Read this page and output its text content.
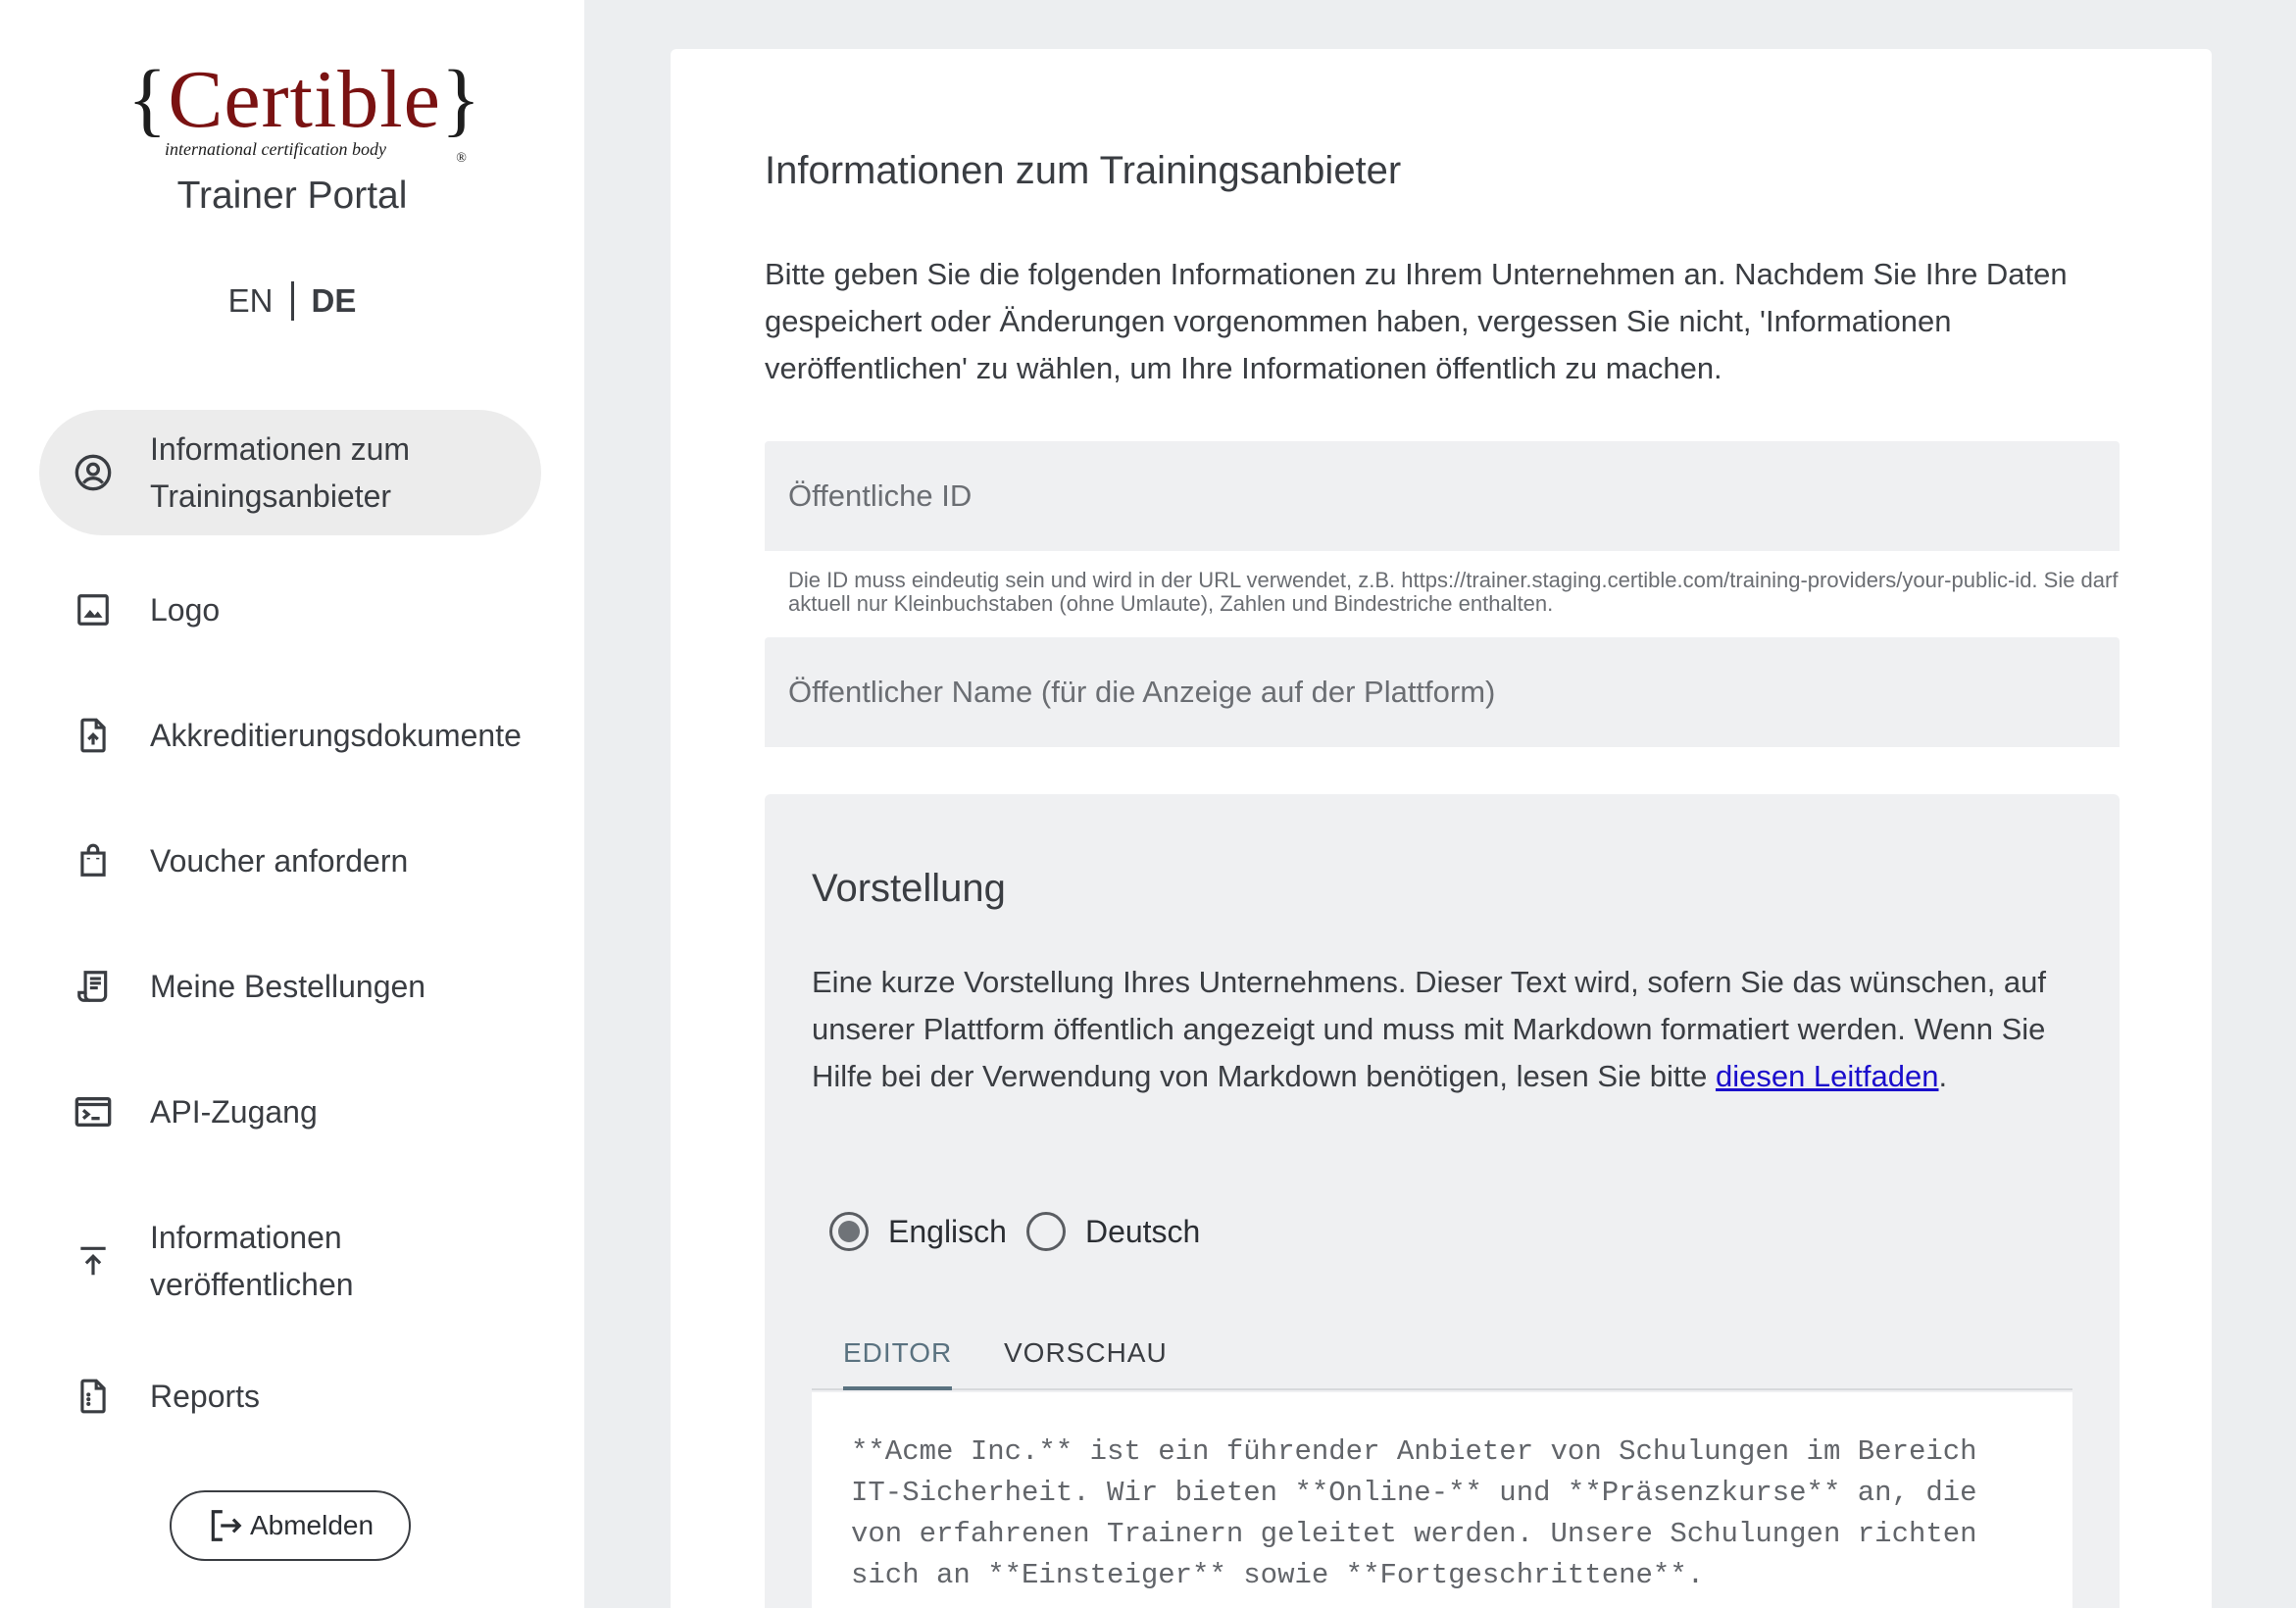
{Certible}®
international certification body
Trainer Portal
EN DE
Informationen zum
Trainingsanbieter
Logo
Akkreditierungsdokumente
Voucher anfordern
Meine Bestellungen
API-Zugang
Informationen
veröffentlichen
Reports
Abmelden
Informationen zum Trainingsanbieter
Bitte geben Sie die folgenden Informationen zu Ihrem Unternehmen an. Nachdem Sie Ihre Daten gespeichert oder Änderungen vorgenommen haben, vergessen Sie nicht, 'Informationen veröffentlichen' zu wählen, um Ihre Informationen öffentlich zu machen.
Öffentliche ID
Die ID muss eindeutig sein und wird in der URL verwendet, z.B. https://trainer.staging.certible.com/training-providers/your-public-id. Sie darf aktuell nur Kleinbuchstaben (ohne Umlaute), Zahlen und Bindestriche enthalten.
Öffentlicher Name (für die Anzeige auf der Plattform)
Vorstellung
Eine kurze Vorstellung Ihres Unternehmens. Dieser Text wird, sofern Sie das wünschen, auf unserer Plattform öffentlich angezeigt und muss mit Markdown formatiert werden. Wenn Sie Hilfe bei der Verwendung von Markdown benötigen, lesen Sie bitte diesen Leitfaden.
Englisch	Deutsch
EDITOR VORSCHAU
**Acme Inc.** ist ein führender Anbieter von Schulungen im Bereich IT-Sicherheit. Wir bieten **Online-** und **Präsenzkurse** an, die von erfahrenen Trainern geleitet werden. Unsere Schulungen richten sich an **Einsteiger** sowie **Fortgeschrittene**.
